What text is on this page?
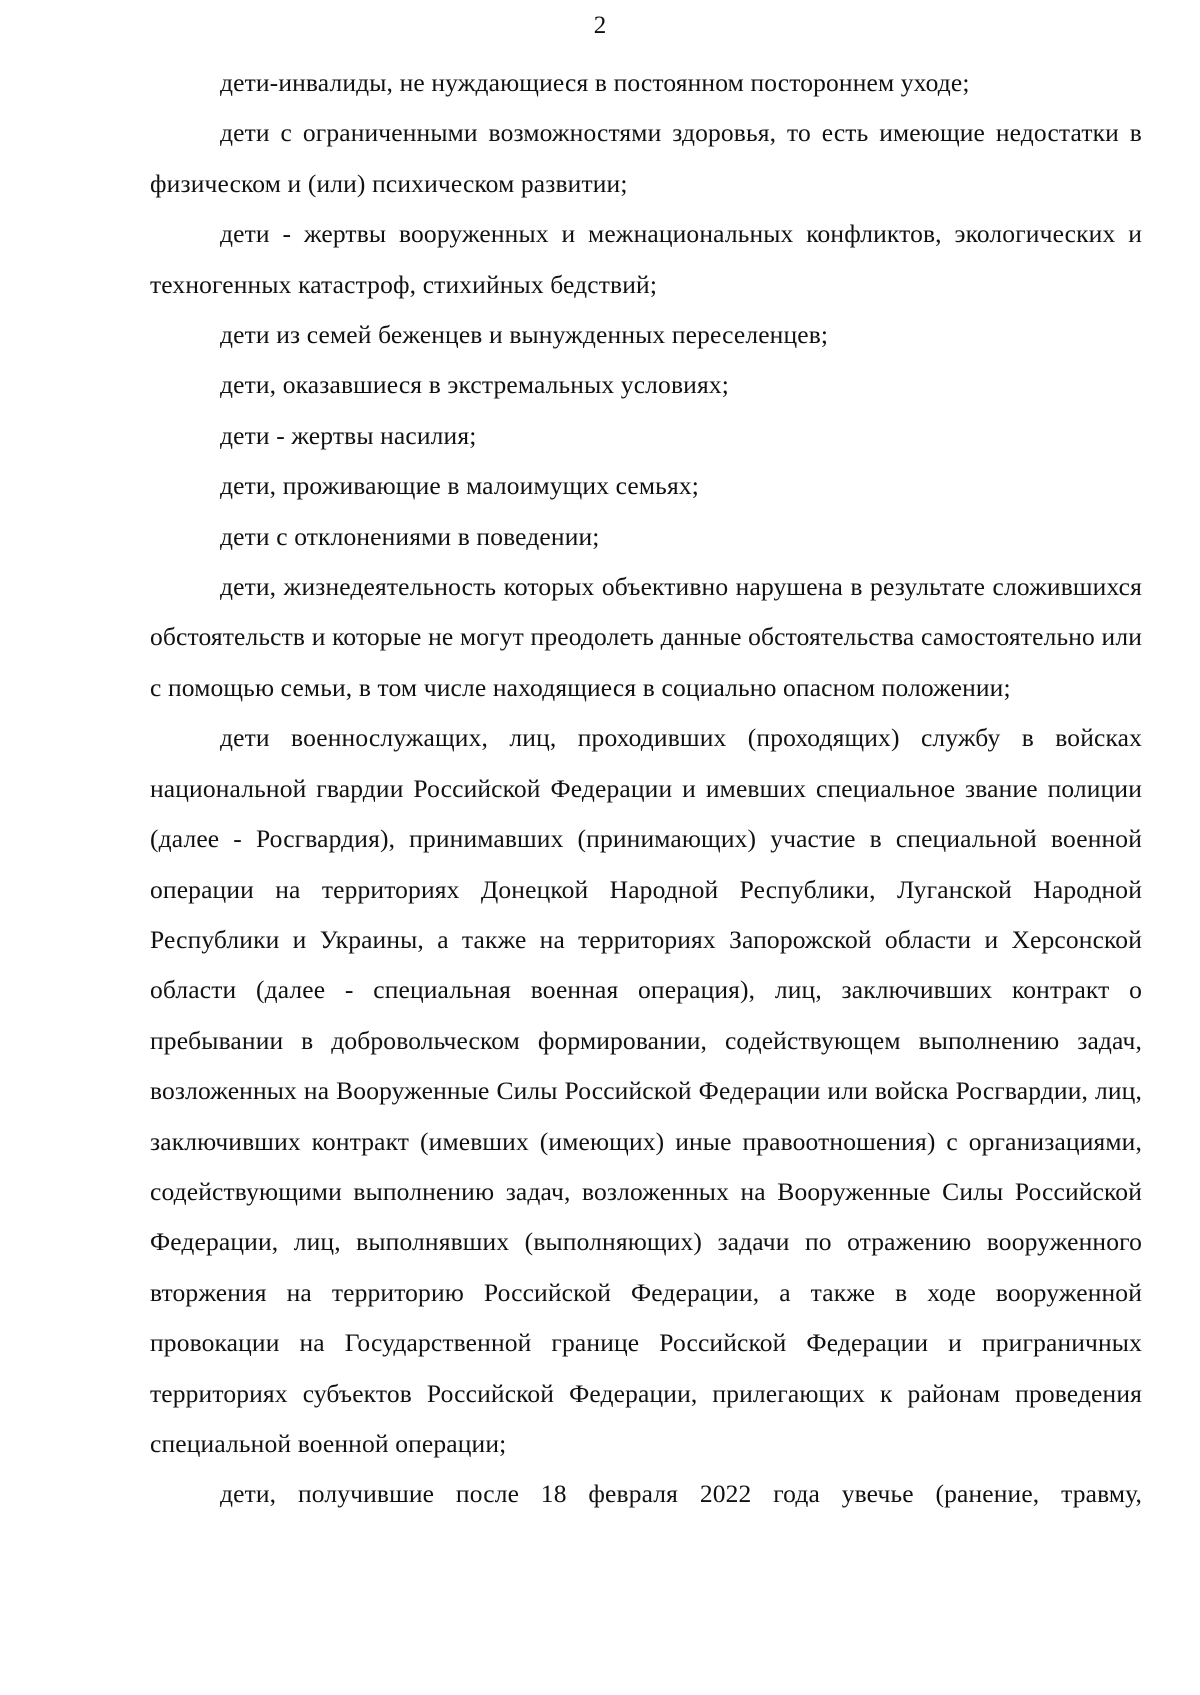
2

дети-инвалиды, не нуждающиеся в постоянном постороннем уходе;

дети с ограниченными возможностями здоровья, то есть имеющие недостатки в физическом и (или) психическом развитии;

дети - жертвы вооруженных и межнациональных конфликтов, экологических и техногенных катастроф, стихийных бедствий;

дети из семей беженцев и вынужденных переселенцев;

дети, оказавшиеся в экстремальных условиях;

дети - жертвы насилия;

дети, проживающие в малоимущих семьях;

дети с отклонениями в поведении;

дети, жизнедеятельность которых объективно нарушена в результате сложившихся обстоятельств и которые не могут преодолеть данные обстоятельства самостоятельно или с помощью семьи, в том числе находящиеся в социально опасном положении;

дети военнослужащих, лиц, проходивших (проходящих) службу в войсках национальной гвардии Российской Федерации и имевших специальное звание полиции (далее - Росгвардия), принимавших (принимающих) участие в специальной военной операции на территориях Донецкой Народной Республики, Луганской Народной Республики и Украины, а также на территориях Запорожской области и Херсонской области (далее - специальная военная операция), лиц, заключивших контракт о пребывании в добровольческом формировании, содействующем выполнению задач, возложенных на Вооруженные Силы Российской Федерации или войска Росгвардии, лиц, заключивших контракт (имевших (имеющих) иные правоотношения) с организациями, содействующими выполнению задач, возложенных на Вооруженные Силы Российской Федерации, лиц, выполнявших (выполняющих) задачи по отражению вооруженного вторжения на территорию Российской Федерации, а также в ходе вооруженной провокации на Государственной границе Российской Федерации и приграничных территориях субъектов Российской Федерации, прилегающих к районам проведения специальной военной операции;

дети, получившие после 18 февраля 2022 года увечье (ранение, травму,
